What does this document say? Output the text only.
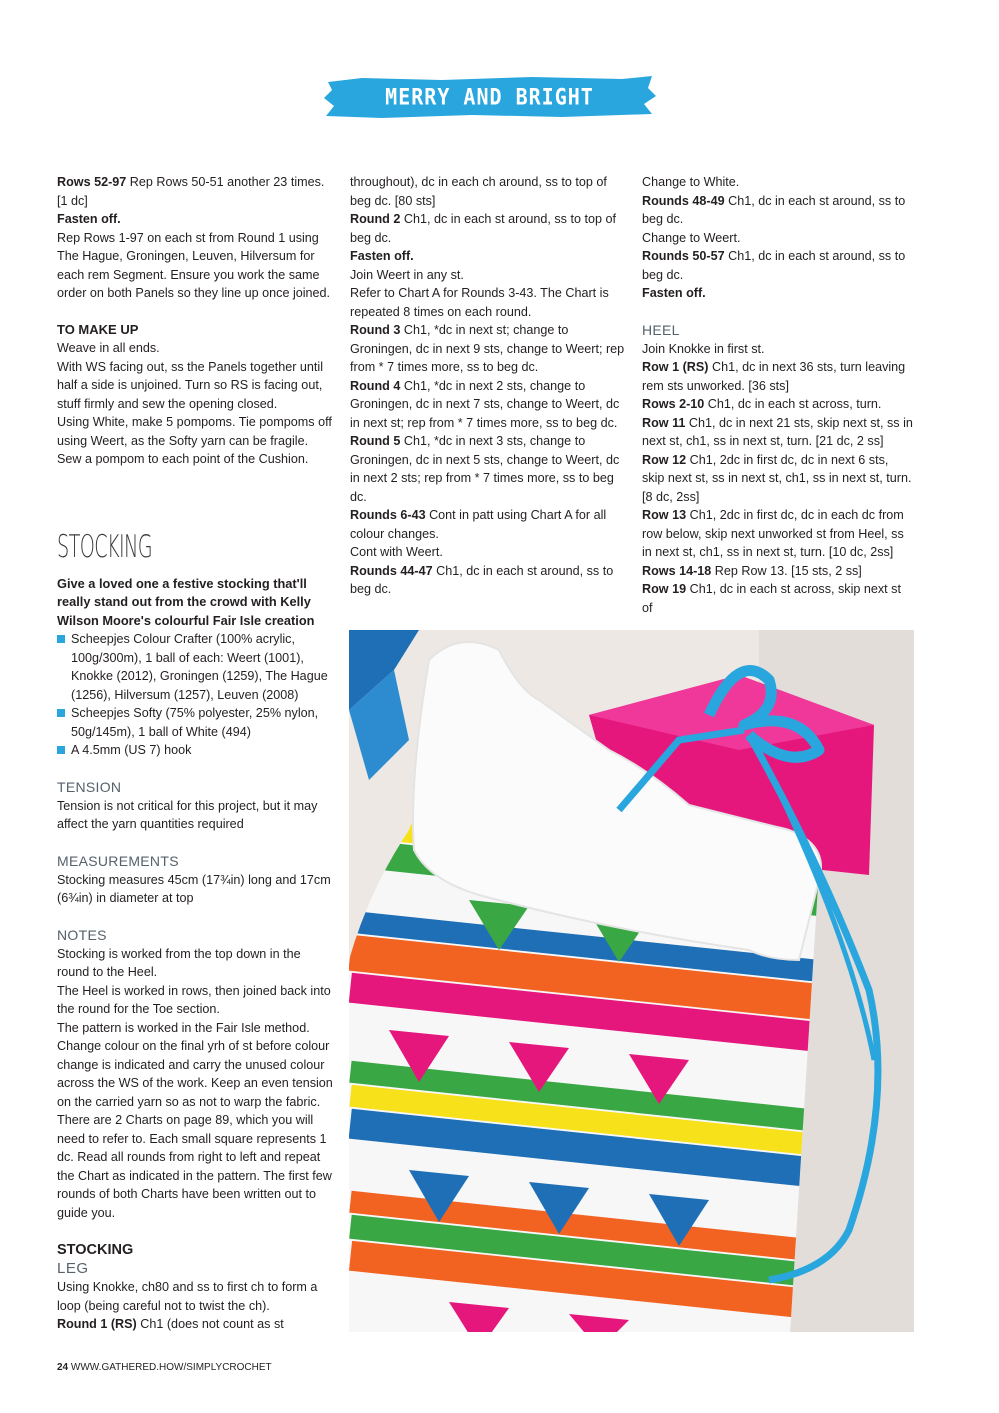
MERRY AND BRIGHT COLLECTION

Rows 52-97 Rep Rows 50-51 another 23 times. [1 dc]

Fasten off.

Rep Rows 1-97 on each st from Round 1 using The Hague, Groningen, Leuven, Hilversum for each rem Segment. Ensure you work the same order on both Panels so they line up once joined.

TO MAKE UP

Weave in all ends.

With WS facing out, ss the Panels together until half a side is unjoined. Turn so RS is facing out, stuff firmly and sew the opening closed.

Using White, make 5 pompoms. Tie pompoms off using Weert, as the Softy yarn can be fragile. Sew a pompom to each point of the Cushion.

STOCKING

Give a loved one a festive stocking that'll really stand out from the crowd with Kelly Wilson Moore's colourful Fair Isle creation

Scheepjes Colour Crafter (100% acrylic, 100g/300m), 1 ball of each: Weert (1001), Knokke (2012), Groningen (1259), The Hague (1256), Hilversum (1257), Leuven (2008)
Scheepjes Softy (75% polyester, 25% nylon, 50g/145m), 1 ball of White (494)
A 4.5mm (US 7) hook

TENSION

Tension is not critical for this project, but it may affect the yarn quantities required

MEASUREMENTS

Stocking measures 45cm (17¾in) long and 17cm (6¾in) in diameter at top

NOTES

Stocking is worked from the top down in the round to the Heel.

The Heel is worked in rows, then joined back into the round for the Toe section.

The pattern is worked in the Fair Isle method. Change colour on the final yrh of st before colour change is indicated and carry the unused colour across the WS of the work. Keep an even tension on the carried yarn so as not to warp the fabric.

There are 2 Charts on page 89, which you will need to refer to. Each small square represents 1 dc. Read all rounds from right to left and repeat the Chart as indicated in the pattern. The first few rounds of both Charts have been written out to guide you.

STOCKING

LEG

Using Knokke, ch80 and ss to first ch to form a loop (being careful not to twist the ch).

Round 1 (RS) Ch1 (does not count as st

throughout), dc in each ch around, ss to top of beg dc. [80 sts]

Round 2 Ch1, dc in each st around, ss to top of beg dc.

Fasten off.

Join Weert in any st.

Refer to Chart A for Rounds 3-43. The Chart is repeated 8 times on each round.

Round 3 Ch1, *dc in next st; change to Groningen, dc in next 9 sts, change to Weert; rep from * 7 times more, ss to beg dc.

Round 4 Ch1, *dc in next 2 sts, change to Groningen, dc in next 7 sts, change to Weert, dc in next st; rep from * 7 times more, ss to beg dc.

Round 5 Ch1, *dc in next 3 sts, change to Groningen, dc in next 5 sts, change to Weert, dc in next 2 sts; rep from * 7 times more, ss to beg dc.

Rounds 6-43 Cont in patt using Chart A for all colour changes.

Cont with Weert.

Rounds 44-47 Ch1, dc in each st around, ss to beg dc.

Change to White.

Rounds 48-49 Ch1, dc in each st around, ss to beg dc.

Change to Weert.

Rounds 50-57 Ch1, dc in each st around, ss to beg dc.

Fasten off.

HEEL

Join Knokke in first st.

Row 1 (RS) Ch1, dc in next 36 sts, turn leaving rem sts unworked. [36 sts]

Rows 2-10 Ch1, dc in each st across, turn.

Row 11 Ch1, dc in next 21 sts, skip next st, ss in next st, ch1, ss in next st, turn. [21 dc, 2 ss]

Row 12 Ch1, 2dc in first dc, dc in next 6 sts, skip next st, ss in next st, ch1, ss in next st, turn. [8 dc, 2ss]

Row 13 Ch1, 2dc in first dc, dc in each dc from row below, skip next unworked st from Heel, ss in next st, ch1, ss in next st, turn. [10 dc, 2ss]

Rows 14-18 Rep Row 13. [15 sts, 2 ss]

Row 19 Ch1, dc in each st across, skip next st of

24 WWW.GATHERED.HOW/SIMPLYCROCHET
